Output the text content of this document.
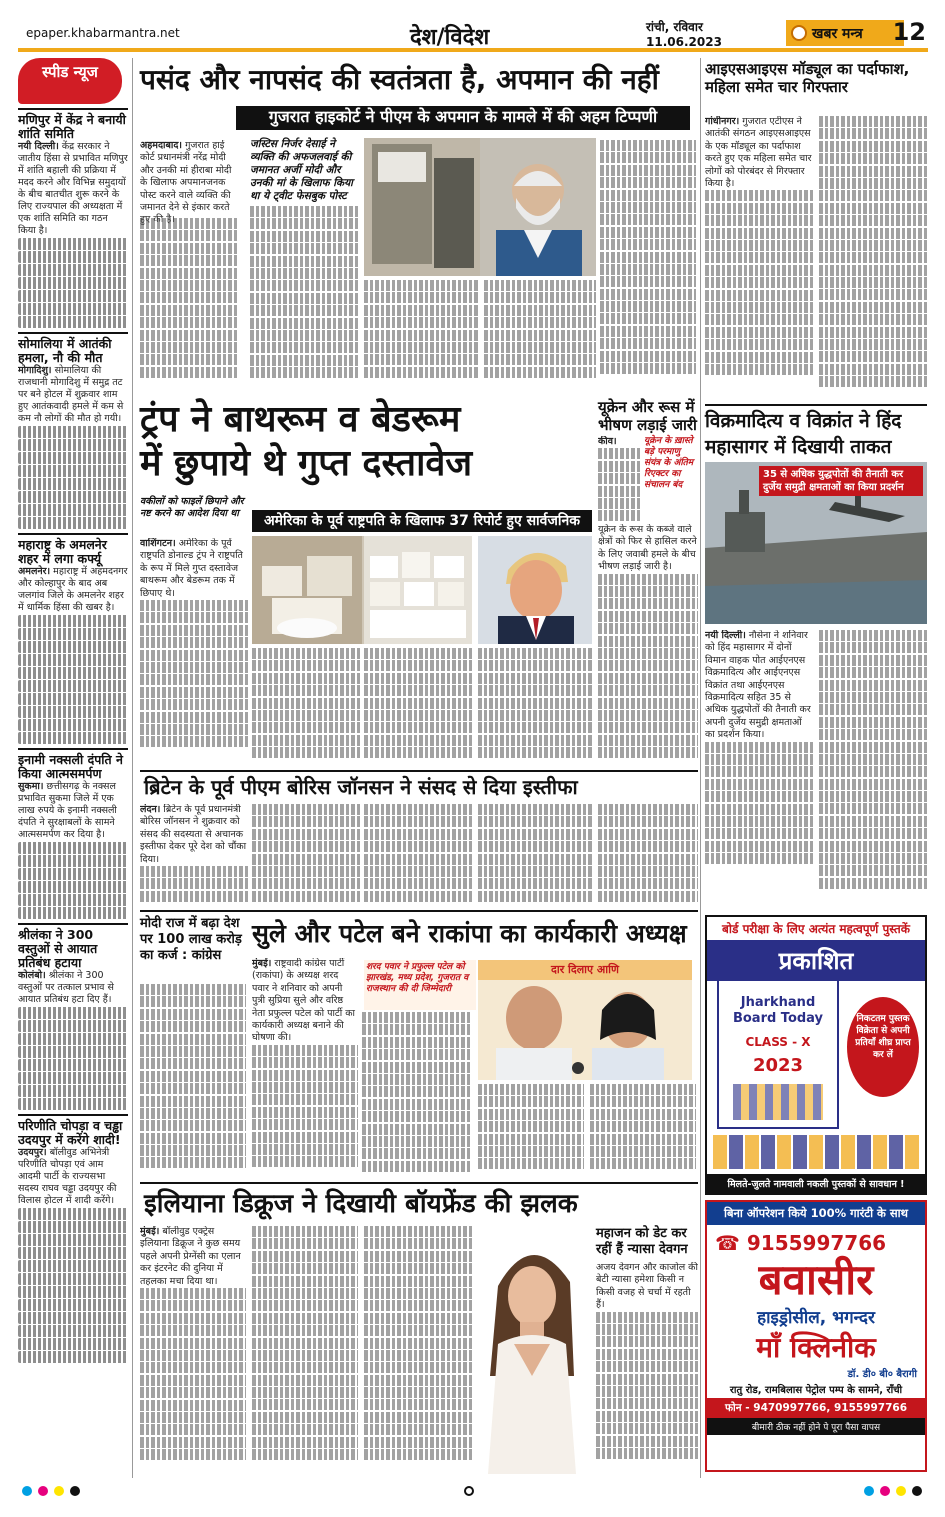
epaper.khabarmantra.net	देश/विदेश	रांची, रविवार
11.06.2023	खबर मन्त्र	12
स्पीड न्यूज
मणिपुर में केंद्र ने बनायी शांति समिति
नयी दिल्ली। केंद्र सरकार ने जातीय हिंसा से प्रभावित मणिपुर में शांति बहाली की प्रक्रिया में मदद करने और विभिन्न समुदायों के बीच बातचीत शुरू करने के लिए राज्यपाल की अध्यक्षता में एक शांति समिति का गठन किया है।
सोमालिया में आतंकी हमला, नौ की मौत
मोगादिशु। सोमालिया की राजधानी मोगादिशु में समुद्र तट पर बने होटल में शुक्रवार शाम हुए आतंकवादी हमले में कम से कम नौ लोगों की मौत हो गयी।
महाराष्ट्र के अमलनेर शहर में लगा कर्फ्यू
अमलनेर। महाराष्ट्र में अहमदनगर और कोल्हापुर के बाद अब जलगांव जिले के अमलनेर शहर में धार्मिक हिंसा की खबर है।
इनामी नक्सली दंपति ने किया आत्मसमर्पण
सुकमा। छत्तीसगढ़ के नक्सल प्रभावित सुकमा जिले में एक लाख रुपये के इनामी नक्सली दंपति ने सुरक्षाबलों के सामने आत्मसमर्पण कर दिया है।
श्रीलंका ने 300 वस्तुओं से आयात प्रतिबंध हटाया
कोलंबो। श्रीलंका ने 300 वस्तुओं पर तत्काल प्रभाव से आयात प्रतिबंध हटा दिए हैं।
परिणीति चोपड़ा व चड्ढा उदयपुर में करेंगे शादी!
उदयपुर। बॉलीवुड अभिनेत्री परिणीति चोपड़ा एवं आम आदमी पार्टी के राज्यसभा सदस्य राघव चड्ढा उदयपुर की विलास होटल में शादी करेंगे।
पसंद और नापसंद की स्वतंत्रता है, अपमान की नहीं
गुजरात हाइकोर्ट ने पीएम के अपमान के मामले में की अहम टिप्पणी
अहमदाबाद। गुजरात हाई कोर्ट प्रधानमंत्री नरेंद्र मोदी और उनकी मां हीराबा मोदी के खिलाफ अपमानजनक पोस्ट करने वाले व्यक्ति की जमानत देने से इंकार करते
जस्टिस निर्जर देसाई ने व्यक्ति की अफजलवाई की जमानत अर्जी मोदी और उनकी मां के खिलाफ किया था ये ट्वीट फेसबुक पोस्ट
ट्रंप ने बाथरूम व बेडरूम
में छुपाये थे गुप्त दस्तावेज
वकीलों को फाइलें छिपाने और नष्ट करने का आदेश दिया था	अमेरिका के पूर्व राष्ट्रपति के खिलाफ 37 रिपोर्ट हुए सार्वजनिक
वाशिंगटन। अमेरिका के पूर्व राष्ट्रपति डोनाल्ड ट्रंप ने राष्ट्रपति के रूप में मिले गुप्त दस्तावेज बाथरूम और बेडरूम तक में छिपाए थे।
यूक्रेन और रूस में भीषण लड़ाई जारी
कीव।	यूक्रेन के ख़ास्ते बड़े परमाणु संयंत्र के अंतिम रिएक्टर का संचालन बंद
यूक्रेन के रूस के कब्जे वाले क्षेत्रों को फिर से हासिल करने के लिए जवाबी हमले के बीच भीषण लड़ाई जारी है।
ब्रिटेन के पूर्व पीएम बोरिस जॉनसन ने संसद से दिया इस्तीफा
लंदन। ब्रिटेन के पूर्व प्रधानमंत्री बोरिस जॉनसन ने शुक्रवार को संसद की सदस्यता से अचानक इस्तीफा देकर पूरे देश को चौंका दिया।
मोदी राज में बढ़ा देश पर 100 लाख करोड़ का कर्ज : कांग्रेस
सुले और पटेल बने राकांपा का कार्यकारी अध्यक्ष
मुंबई। राष्ट्रवादी कांग्रेस पार्टी (राकांपा) के अध्यक्ष शरद पवार ने शनिवार को अपनी पुत्री सुप्रिया सुले और वरिष्ठ नेता प्रफुल्ल पटेल को पार्टी का कार्यकारी अध्यक्ष बनाने की घोषणा की।
शरद पवार ने प्रफुल्ल पटेल को झारखंड, मध्य प्रदेश, गुजरात व राजस्थान की दी जिम्मेदारी
दार दिलाए आणि
इलियाना डिक्रूज ने दिखायी बॉयफ्रेंड की झलक
मुंबई। बॉलीवुड एक्ट्रेस इलियाना डिक्रूज ने कुछ समय पहले अपनी प्रेग्नेंसी का एलान कर इंटरनेट की दुनिया में तहलका मचा दिया था।
महाजन को डेट कर रहीं हैं न्यासा देवगन
अजय देवगन और काजोल की बेटी न्यासा हमेशा किसी न किसी वजह से चर्चा में रहती हैं।
आइएसआइएस मॉड्यूल का पर्दाफाश, महिला समेत चार गिरफ्तार
गांधीनगर। गुजरात एटीएस ने आतंकी संगठन आइएसआइएस के एक मॉड्यूल का पर्दाफाश करते हुए एक महिला समेत चार लोगों को पोरबंदर से गिरफ्तार किया है।
विक्रमादित्य व विक्रांत ने हिंद
महासागर में दिखायी ताकत
35 से अधिक युद्धपोतों की तैनाती कर दुर्जेय समुद्री क्षमताओं का किया प्रदर्शन
नयी दिल्ली। नौसेना ने शनिवार को हिंद महासागर में दोनों विमान वाहक पोत आईएनएस विक्रमादित्य और आईएनएस विक्रांत तथा आईएनएस विक्रमादित्य सहित 35 से अधिक युद्धपोतों की तैनाती कर अपनी दुर्जेय समुद्री क्षमताओं का प्रदर्शन किया।
बोर्ड परीक्षा के लिए अत्यंत महत्वपूर्ण पुस्तकें
प्रकाशित
Jharkhand Board Today
CLASS - X
2023
निकटतम पुस्तक विक्रेता से अपनी प्रतियाँ शीघ्र प्राप्त कर लें
मिलते-जुलते नामवाली नकली पुस्तकों से सावधान !
बिना ऑपरेशन किये 100% गारंटी के साथ
☎ 9155997766
बवासीर
हाइड्रोसील, भगन्दर
माँ क्लिनीक
डॉ. डी० बी० बैरागी
रातु रोड, रामबिलास पेट्रोल पम्प के सामने, राँची
फोन - 9470997766, 9155997766
बीमारी ठीक नहीं होने पे पूरा पैसा वापस
